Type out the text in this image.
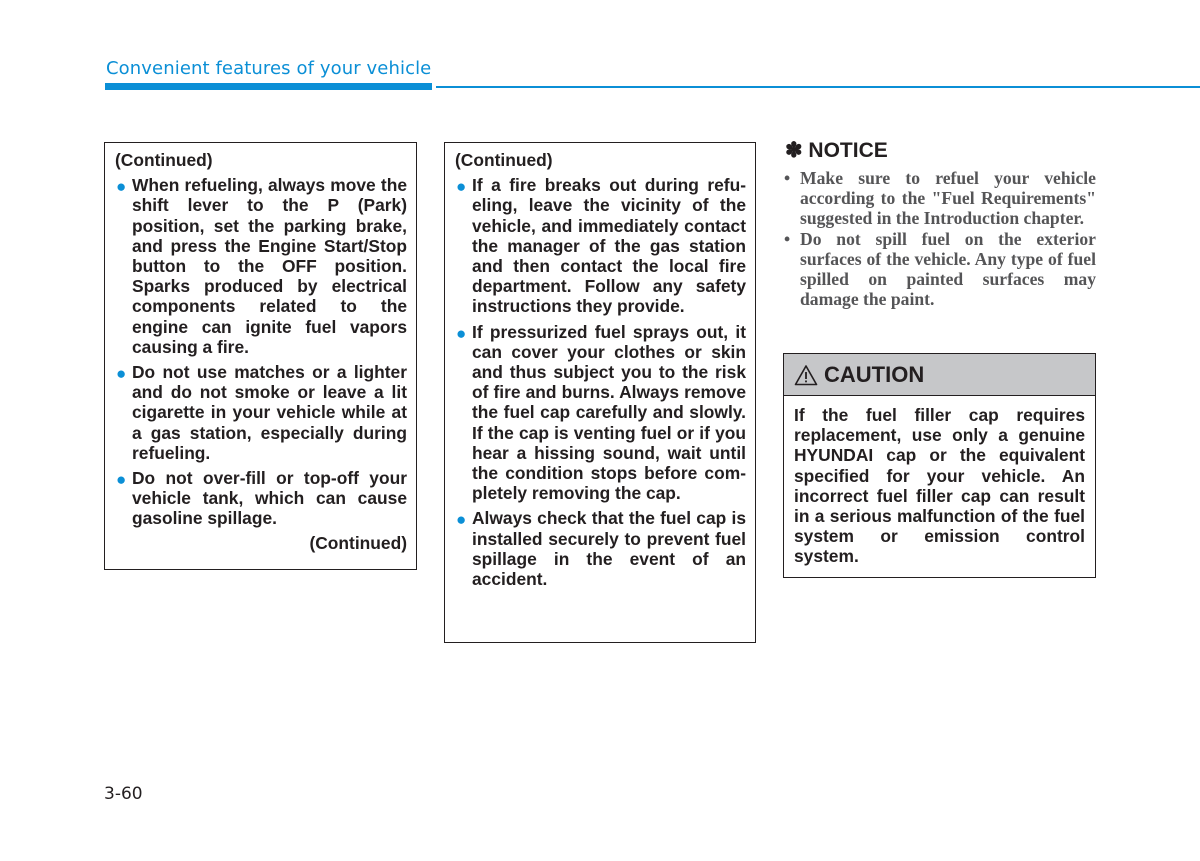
Convenient features of your vehicle
(Continued)
● When refueling, always move the shift lever to the P (Park) position, set the parking brake, and press the Engine Start/Stop button to the OFF position. Sparks produced by electrical components related to the engine can ignite fuel vapors causing a fire.
● Do not use matches or a lighter and do not smoke or leave a lit cigarette in your vehicle while at a gas station, especially during refueling.
● Do not over-fill or top-off your vehicle tank, which can cause gasoline spillage.
(Continued)
(Continued)
● If a fire breaks out during refueling, leave the vicinity of the vehicle, and immediately contact the manager of the gas station and then contact the local fire department. Follow any safety instructions they provide.
● If pressurized fuel sprays out, it can cover your clothes or skin and thus subject you to the risk of fire and burns. Always remove the fuel cap carefully and slowly. If the cap is venting fuel or if you hear a hissing sound, wait until the condition stops before completely removing the cap.
● Always check that the fuel cap is installed securely to prevent fuel spillage in the event of an accident.
✽ NOTICE
• Make sure to refuel your vehicle according to the "Fuel Requirements" suggested in the Introduction chapter.
• Do not spill fuel on the exterior surfaces of the vehicle. Any type of fuel spilled on painted surfaces may damage the paint.
CAUTION
If the fuel filler cap requires replacement, use only a genuine HYUNDAI cap or the equivalent specified for your vehicle. An incorrect fuel filler cap can result in a serious malfunction of the fuel system or emission control system.
3-60
